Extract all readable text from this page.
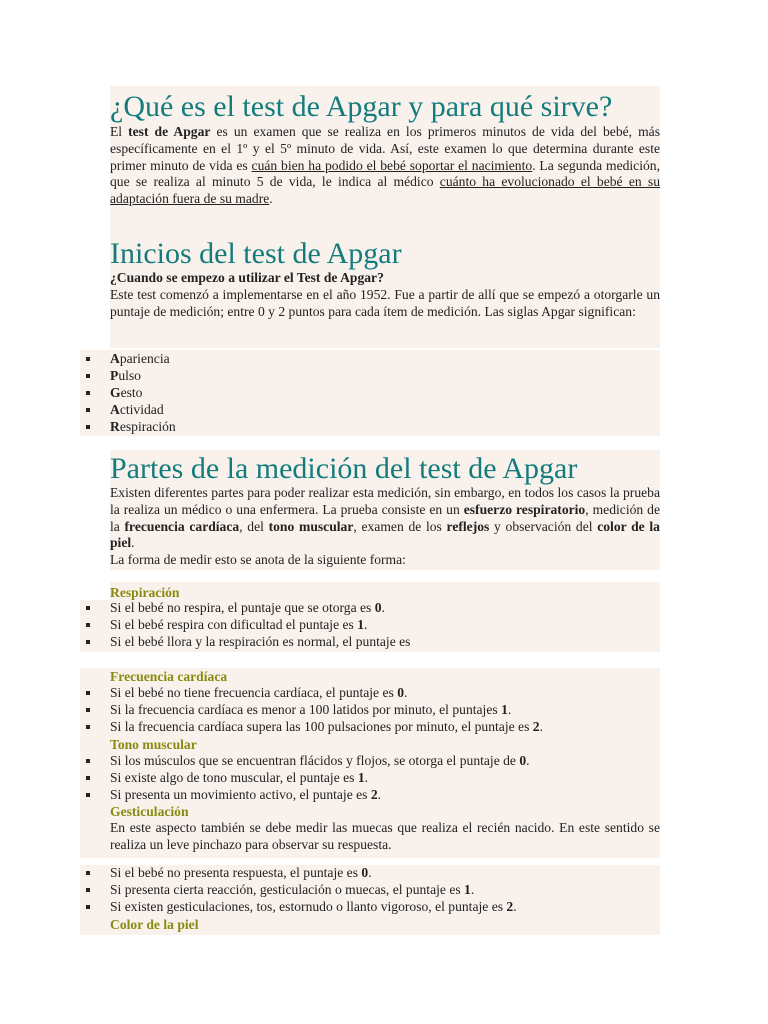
¿Qué es el test de Apgar y para qué sirve?

El test de Apgar es un examen que se realiza en los primeros minutos de vida del bebé, más específicamente en el 1º y el 5º minuto de vida. Así, este examen lo que determina durante este primer minuto de vida es cuán bien ha podido el bebé soportar el nacimiento. La segunda medición, que se realiza al minuto 5 de vida, le indica al médico cuánto ha evolucionado el bebé en su adaptación fuera de su madre.

Inicios del test de Apgar
¿Cuando se empezo a utilizar el Test de Apgar?

Este test comenzó a implementarse en el año 1952. Fue a partir de allí que se empezó a otorgarle un puntaje de medición; entre 0 y 2 puntos para cada ítem de medición. Las siglas Apgar significan:

Apariencia
Pulso
Gesto
Actividad
Respiración
Partes de la medición del test de Apgar

Existen diferentes partes para poder realizar esta medición, sin embargo, en todos los casos la prueba la realiza un médico o una enfermera. La prueba consiste en un esfuerzo respiratorio, medición de la frecuencia cardíaca, del tono muscular, examen de los reflejos y observación del color de la piel.

La forma de medir esto se anota de la siguiente forma:

Respiración
Si el bebé no respira, el puntaje que se otorga es 0.
Si el bebé respira con dificultad el puntaje es 1.
Si el bebé llora y la respiración es normal, el puntaje es
Frecuencia cardíaca
Si el bebé no tiene frecuencia cardíaca, el puntaje es 0.
Si la frecuencia cardíaca es menor a 100 latidos por minuto, el puntajes 1.
Si la frecuencia cardíaca supera las 100 pulsaciones por minuto, el puntaje es 2.
Tono muscular
Si los músculos que se encuentran flácidos y flojos, se otorga el puntaje de 0.
Si existe algo de tono muscular, el puntaje es 1.
Si presenta un movimiento activo, el puntaje es 2.
Gesticulación

En este aspecto también se debe medir las muecas que realiza el recién nacido. En este sentido se realiza un leve pinchazo para observar su respuesta.

Si el bebé no presenta respuesta, el puntaje es 0.
Si presenta cierta reacción, gesticulación o muecas, el puntaje es 1.
Si existen gesticulaciones, tos, estornudo o llanto vigoroso, el puntaje es 2.
Color de la piel
